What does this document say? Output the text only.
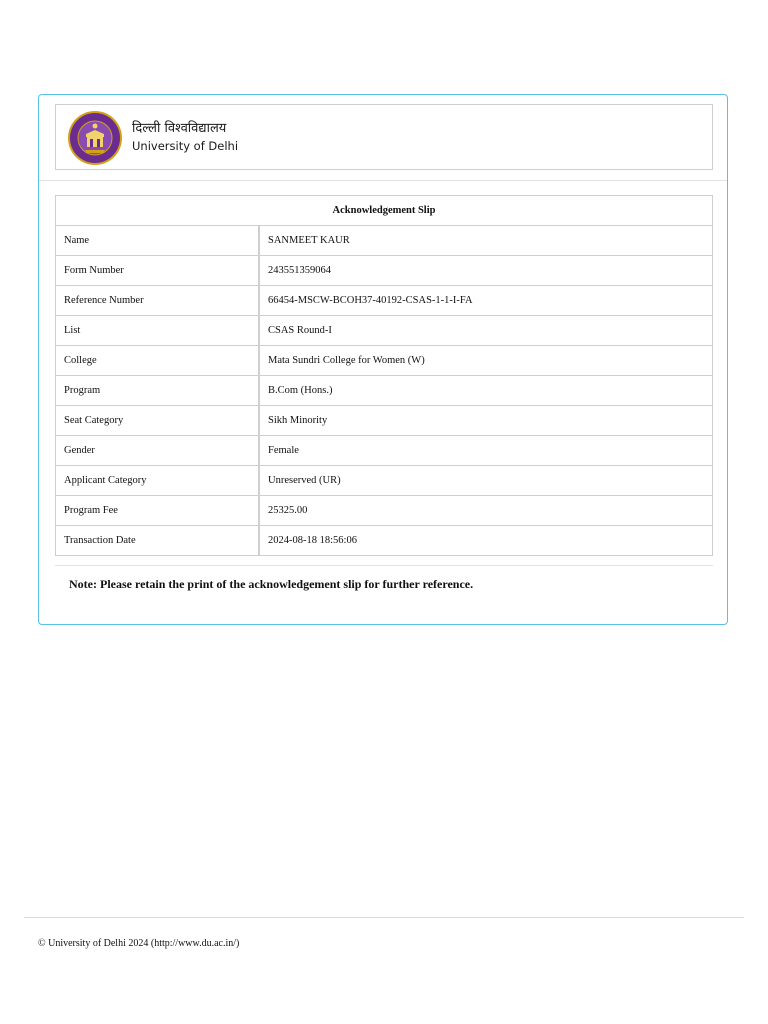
दिल्ली विश्वविद्यालय
University of Delhi
Acknowledgement Slip	
Name	SANMEET KAUR
Form Number	243551359064
Reference Number	66454-MSCW-BCOH37-40192-CSAS-1-1-I-FA
List	CSAS Round-I
College	Mata Sundri College for Women (W)
Program	B.Com (Hons.)
Seat Category	Sikh Minority
Gender	Female
Applicant Category	Unreserved (UR)
Program Fee	25325.00
Transaction Date	2024-08-18 18:56:06
Note: Please retain the print of the acknowledgement slip for further reference.
© University of Delhi 2024 (http://www.du.ac.in/)
